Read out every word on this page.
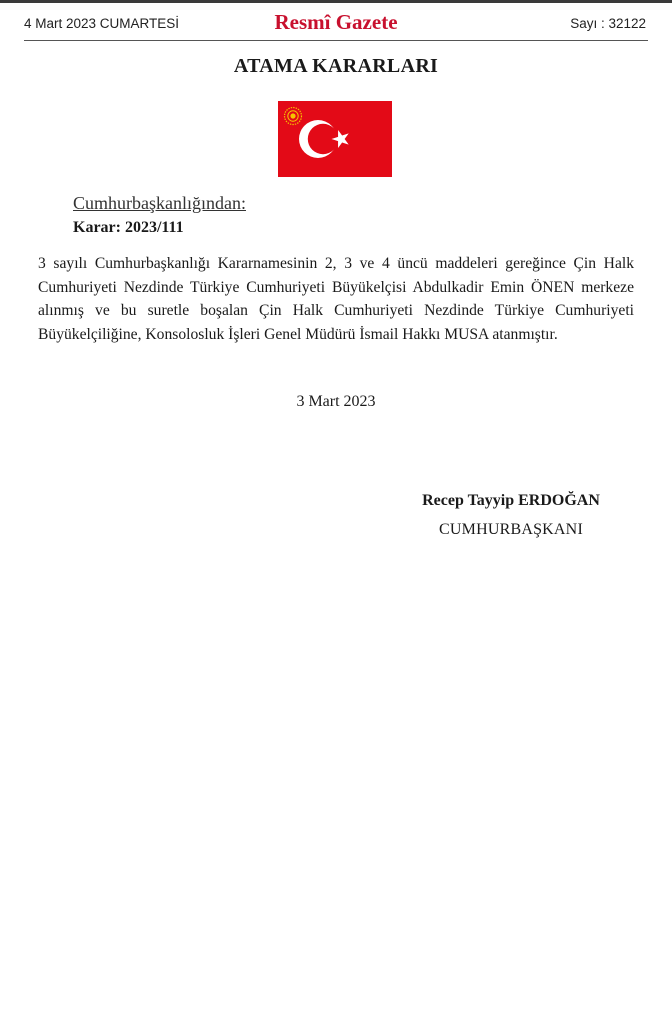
4 Mart 2023 CUMARTESİ	Resmî Gazete	Sayı : 32122
ATAMA KARARLARI
Cumhurbaşkanlığından:
Karar: 2023/111
3 sayılı Cumhurbaşkanlığı Kararnamesinin 2, 3 ve 4 üncü maddeleri gereğince Çin Halk Cumhuriyeti Nezdinde Türkiye Cumhuriyeti Büyükelçisi Abdulkadir Emin ÖNEN merkeze alınmış ve bu suretle boşalan Çin Halk Cumhuriyeti Nezdinde Türkiye Cumhuriyeti Büyükelçiliğine, Konsolosluk İşleri Genel Müdürü İsmail Hakkı MUSA atanmıştır.
3 Mart 2023
Recep Tayyip ERDOĞAN
CUMHURBAŞKANI
